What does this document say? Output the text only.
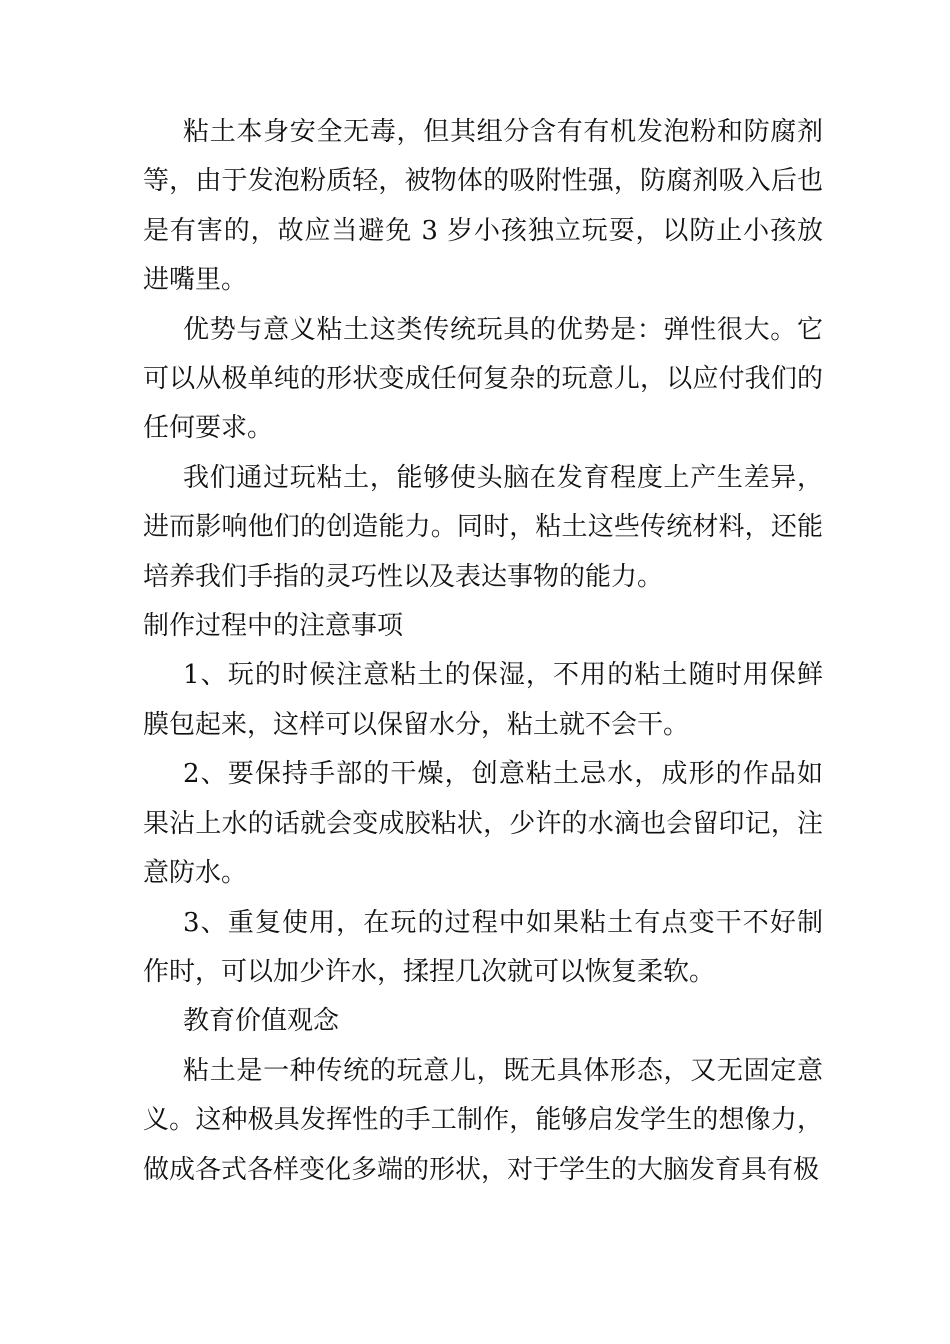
粘土本身安全无毒，但其组分含有有机发泡粉和防腐剂等，由于发泡粉质轻，被物体的吸附性强，防腐剂吸入后也是有害的，故应当避免 3 岁小孩独立玩耍，以防止小孩放进嘴里。

优势与意义粘土这类传统玩具的优势是：弹性很大。它可以从极单纯的形状变成任何复杂的玩意儿，以应付我们的任何要求。

我们通过玩粘土，能够使头脑在发育程度上产生差异，进而影响他们的创造能力。同时，粘土这些传统材料，还能培养我们手指的灵巧性以及表达事物的能力。

制作过程中的注意事项

1、玩的时候注意粘土的保湿，不用的粘土随时用保鲜膜包起来，这样可以保留水分，粘土就不会干。

2、要保持手部的干燥，创意粘土忌水，成形的作品如果沾上水的话就会变成胶粘状，少许的水滴也会留印记，注意防水。

3、重复使用，在玩的过程中如果粘土有点变干不好制作时，可以加少许水，揉捏几次就可以恢复柔软。

教育价值观念

粘土是一种传统的玩意儿，既无具体形态，又无固定意义。这种极具发挥性的手工制作，能够启发学生的想像力，做成各式各样变化多端的形状，对于学生的大脑发育具有极
